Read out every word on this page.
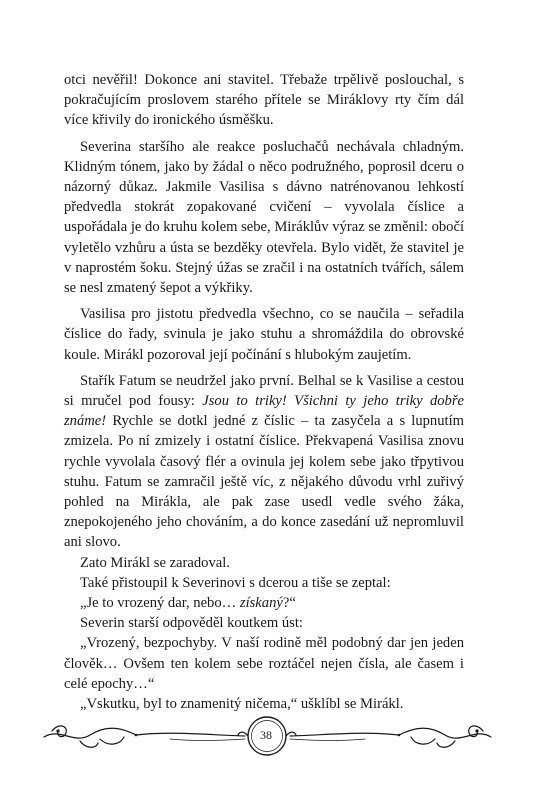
otci nevěřil! Dokonce ani stavitel. Třebaže trpělivě poslouchal, s pokračujícím proslovem starého přítele se Miráklovy rty čím dál více křivily do ironického úsměšku.

Severina staršího ale reakce posluchačů nechávala chladným. Klidným tónem, jako by žádal o něco podružného, poprosil dceru o názorný důkaz. Jakmile Vasilisa s dávno natrénovanou lehkostí předvedla stokrát zopakované cvičení – vyvolala číslice a uspořádala je do kruhu kolem sebe, Miráklův výraz se změnil: obočí vyletělo vzhůru a ústa se bezděky otevřela. Bylo vidět, že stavitel je v naprostém šoku. Stejný úžas se zračil i na ostatních tvářích, sálem se nesl zmatený šepot a výkřiky.

Vasilisa pro jistotu předvedla všechno, co se naučila – seřadila číslice do řady, svinula je jako stuhu a shromáždila do obrovské koule. Mirákl pozoroval její počínání s hlubokým zaujetím.

Stařík Fatum se neudržel jako první. Belhal se k Vasilise a cestou si mručel pod fousy: Jsou to triky! Všichni ty jeho triky dobře známe! Rychle se dotkl jedné z číslic – ta zasyčela a s lupnutím zmizela. Po ní zmizely i ostatní číslice. Překvapená Vasilisa znovu rychle vyvolala časový flér a ovinula jej kolem sebe jako třpytivou stuhu. Fatum se zamračil ještě víc, z nějakého důvodu vrhl zuřivý pohled na Mirákla, ale pak zase usedl vedle svého žáka, znepokojeného jeho chováním, a do konce zasedání už nepromluvil ani slovo.

Zato Mirákl se zaradoval.

Také přistoupil k Severinovi s dcerou a tiše se zeptal:

„Je to vrozený dar, nebo… získaný?“

Severin starší odpověděl koutkem úst:

„Vrozený, bezpochyby. V naší rodině měl podobný dar jen jeden člověk… Ovšem ten kolem sebe roztáčel nejen čísla, ale časem i celé epochy…“

„Vskutku, byl to znamenitý ničema,“ ušklíbl se Mirákl.

38
